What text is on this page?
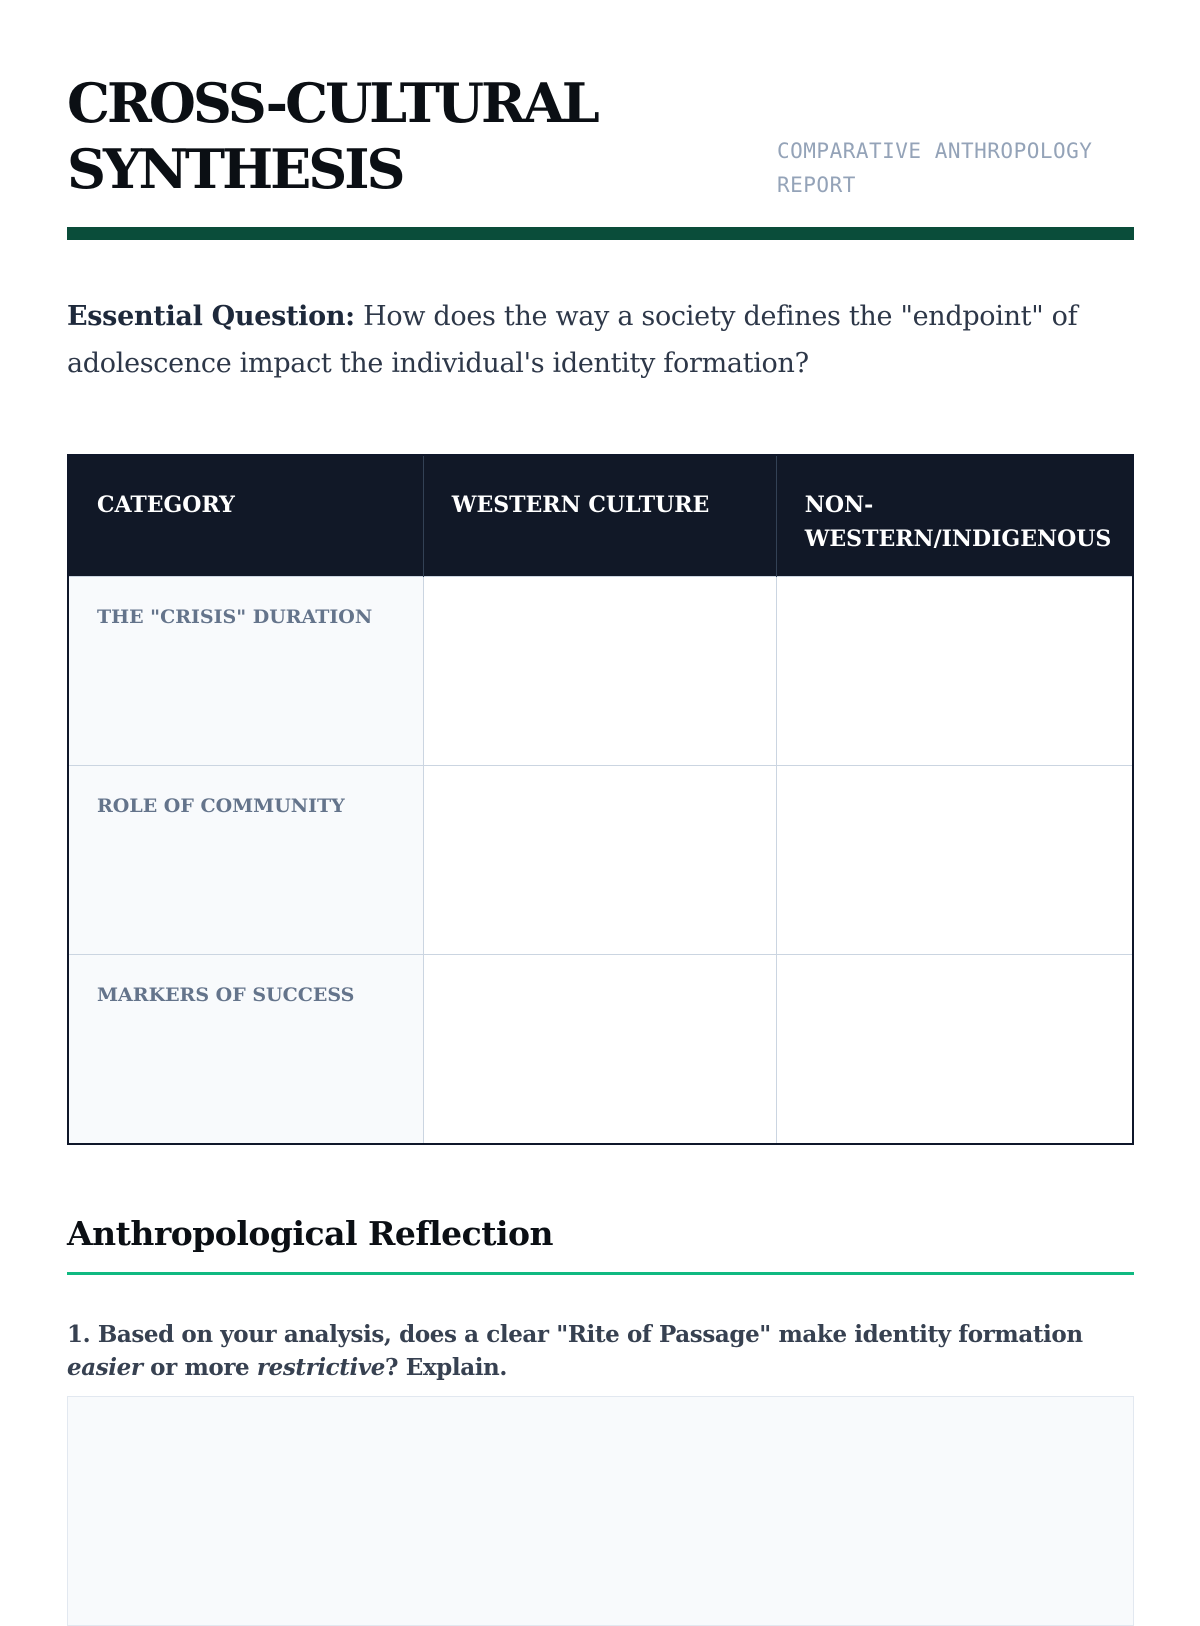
CROSS-CULTURAL SYNTHESIS	COMPARATIVE ANTHROPOLOGY REPORT

Essential Question: How does the way a society defines the "endpoint" of adolescence impact the individual's identity formation?

CATEGORY	WESTERN CULTURE	NON-WESTERN/INDIGENOUS
THE "CRISIS" DURATION		
ROLE OF COMMUNITY		
MARKERS OF SUCCESS		
Anthropological Reflection

1. Based on your analysis, does a clear "Rite of Passage" make identity formation easier or more restrictive? Explain.
